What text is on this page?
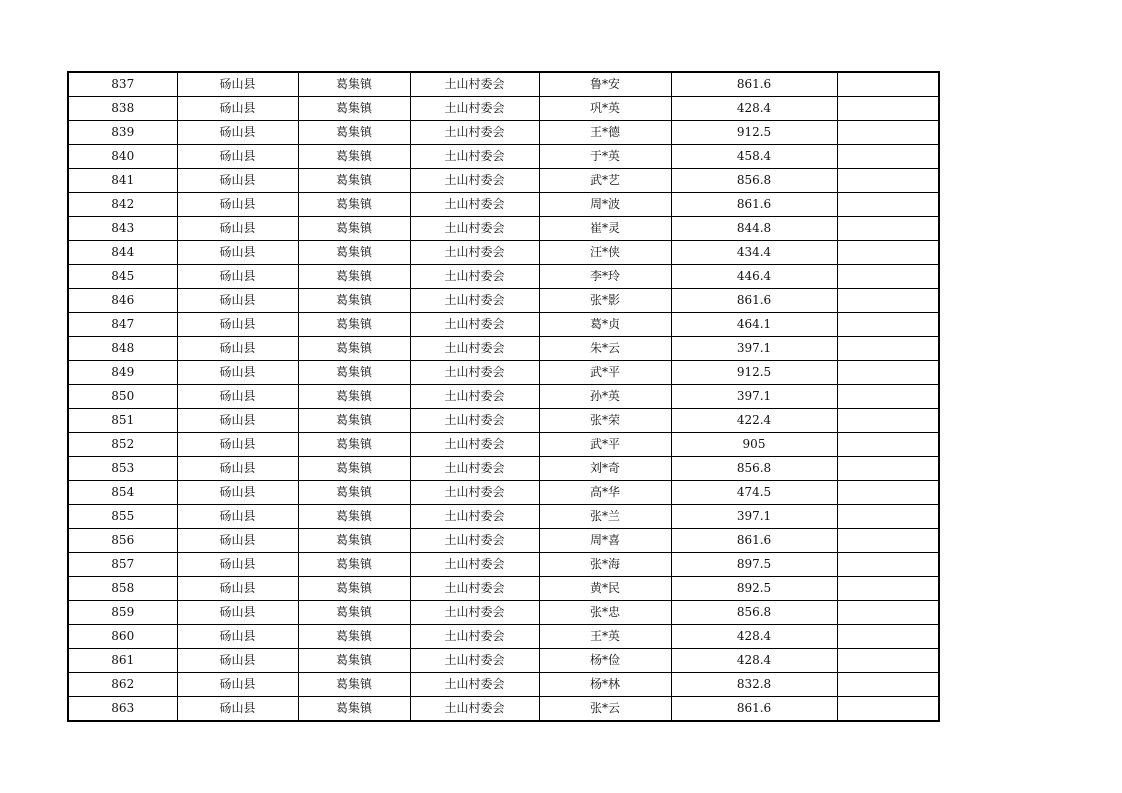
837	砀山县	葛集镇	土山村委会	鲁*安	861.6	
838	砀山县	葛集镇	土山村委会	巩*英	428.4	
839	砀山县	葛集镇	土山村委会	王*德	912.5	
840	砀山县	葛集镇	土山村委会	于*英	458.4	
841	砀山县	葛集镇	土山村委会	武*艺	856.8	
842	砀山县	葛集镇	土山村委会	周*波	861.6	
843	砀山县	葛集镇	土山村委会	崔*灵	844.8	
844	砀山县	葛集镇	土山村委会	汪*侠	434.4	
845	砀山县	葛集镇	土山村委会	李*玲	446.4	
846	砀山县	葛集镇	土山村委会	张*影	861.6	
847	砀山县	葛集镇	土山村委会	葛*贞	464.1	
848	砀山县	葛集镇	土山村委会	朱*云	397.1	
849	砀山县	葛集镇	土山村委会	武*平	912.5	
850	砀山县	葛集镇	土山村委会	孙*英	397.1	
851	砀山县	葛集镇	土山村委会	张*荣	422.4	
852	砀山县	葛集镇	土山村委会	武*平	905	
853	砀山县	葛集镇	土山村委会	刘*奇	856.8	
854	砀山县	葛集镇	土山村委会	高*华	474.5	
855	砀山县	葛集镇	土山村委会	张*兰	397.1	
856	砀山县	葛集镇	土山村委会	周*喜	861.6	
857	砀山县	葛集镇	土山村委会	张*海	897.5	
858	砀山县	葛集镇	土山村委会	黄*民	892.5	
859	砀山县	葛集镇	土山村委会	张*忠	856.8	
860	砀山县	葛集镇	土山村委会	王*英	428.4	
861	砀山县	葛集镇	土山村委会	杨*俭	428.4	
862	砀山县	葛集镇	土山村委会	杨*林	832.8	
863	砀山县	葛集镇	土山村委会	张*云	861.6	
